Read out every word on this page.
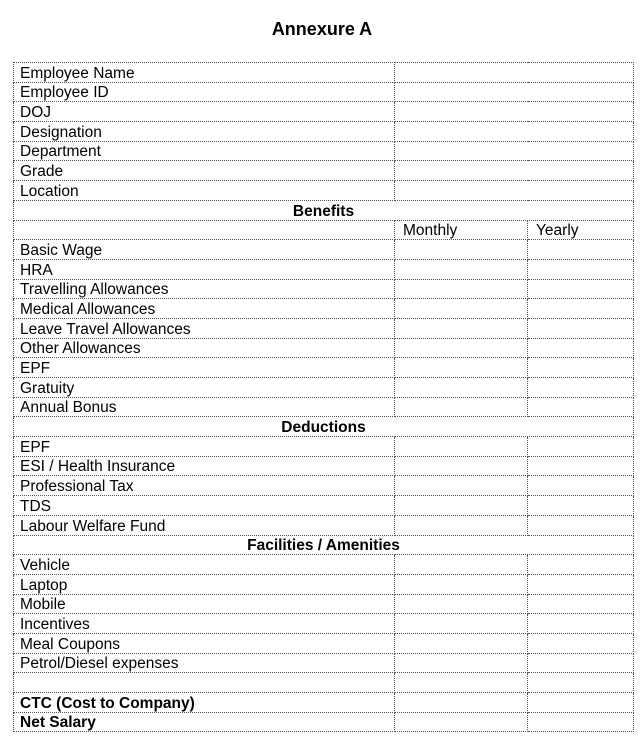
Annexure A
Employee Name		
Employee ID		
DOJ		
Designation		
Department		
Grade		
Location		
Benefits		
	Monthly	Yearly
Basic Wage		
HRA		
Travelling Allowances		
Medical Allowances		
Leave Travel Allowances		
Other Allowances		
EPF		
Gratuity		
Annual Bonus		
Deductions		
EPF		
ESI / Health Insurance		
Professional Tax		
TDS		
Labour Welfare Fund		
Facilities / Amenities		
Vehicle		
Laptop		
Mobile		
Incentives		
Meal Coupons		
Petrol/Diesel expenses		

CTC (Cost to Company)		
Net Salary		
